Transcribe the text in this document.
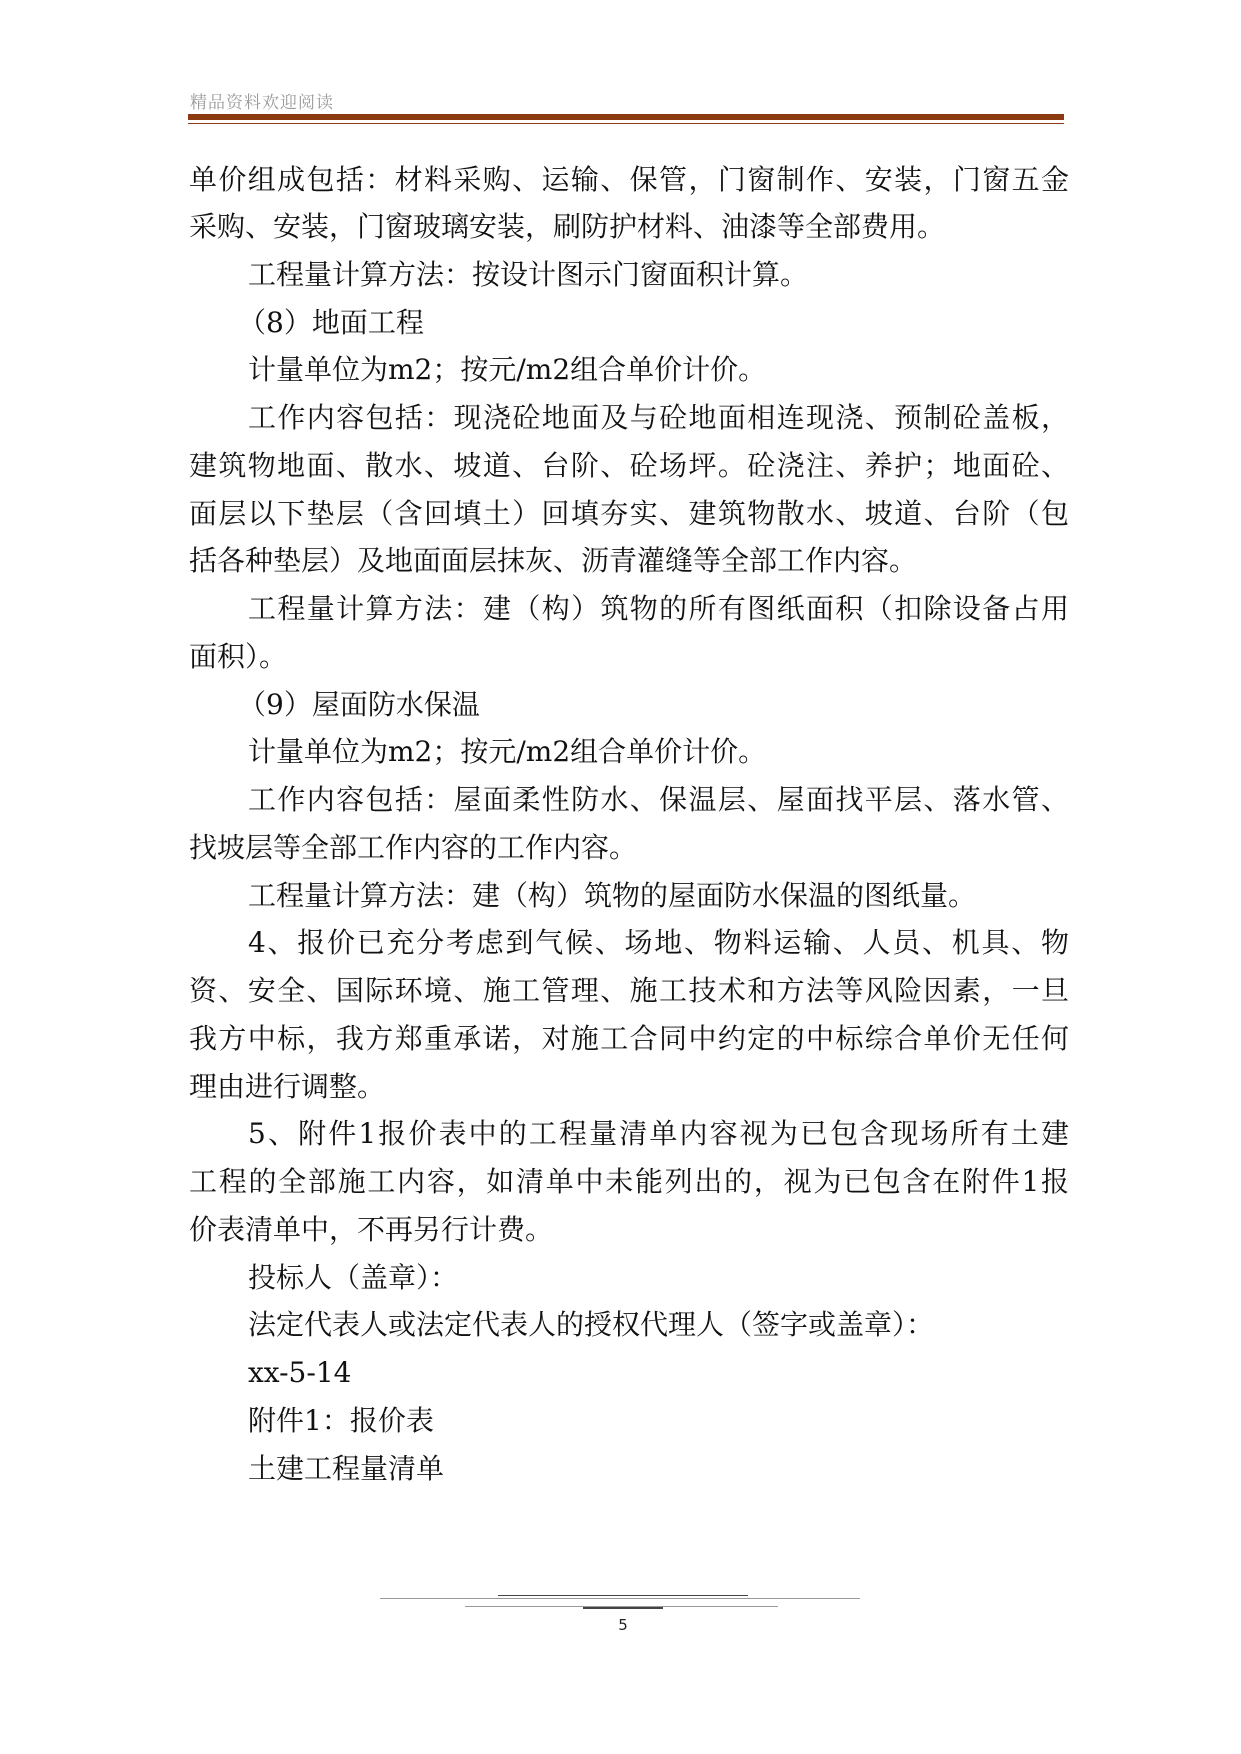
精品资料欢迎阅读
单价组成包括：材料采购、运输、保管，门窗制作、安装，门窗五金
采购、安装，门窗玻璃安装，刷防护材料、油漆等全部费用。
工程量计算方法：按设计图示门窗面积计算。
（8）地面工程
计量单位为m2；按元/m2组合单价计价。
工作内容包括：现浇砼地面及与砼地面相连现浇、预制砼盖板，
建筑物地面、散水、坡道、台阶、砼场坪。砼浇注、养护；地面砼、
面层以下垫层（含回填土）回填夯实、建筑物散水、坡道、台阶（包
括各种垫层）及地面面层抹灰、沥青灌缝等全部工作内容。
工程量计算方法：建（构）筑物的所有图纸面积（扣除设备占用
面积）。
（9）屋面防水保温
计量单位为m2；按元/m2组合单价计价。
工作内容包括：屋面柔性防水、保温层、屋面找平层、落水管、
找坡层等全部工作内容的工作内容。
工程量计算方法：建（构）筑物的屋面防水保温的图纸量。
4、报价已充分考虑到气候、场地、物料运输、人员、机具、物
资、安全、国际环境、施工管理、施工技术和方法等风险因素，一旦
我方中标，我方郑重承诺，对施工合同中约定的中标综合单价无任何
理由进行调整。
5、附件1报价表中的工程量清单内容视为已包含现场所有土建
工程的全部施工内容，如清单中未能列出的，视为已包含在附件1报
价表清单中，不再另行计费。
投标人（盖章）：
法定代表人或法定代表人的授权代理人（签字或盖章）：
xx-5-14
附件1：报价表
土建工程量清单
5
